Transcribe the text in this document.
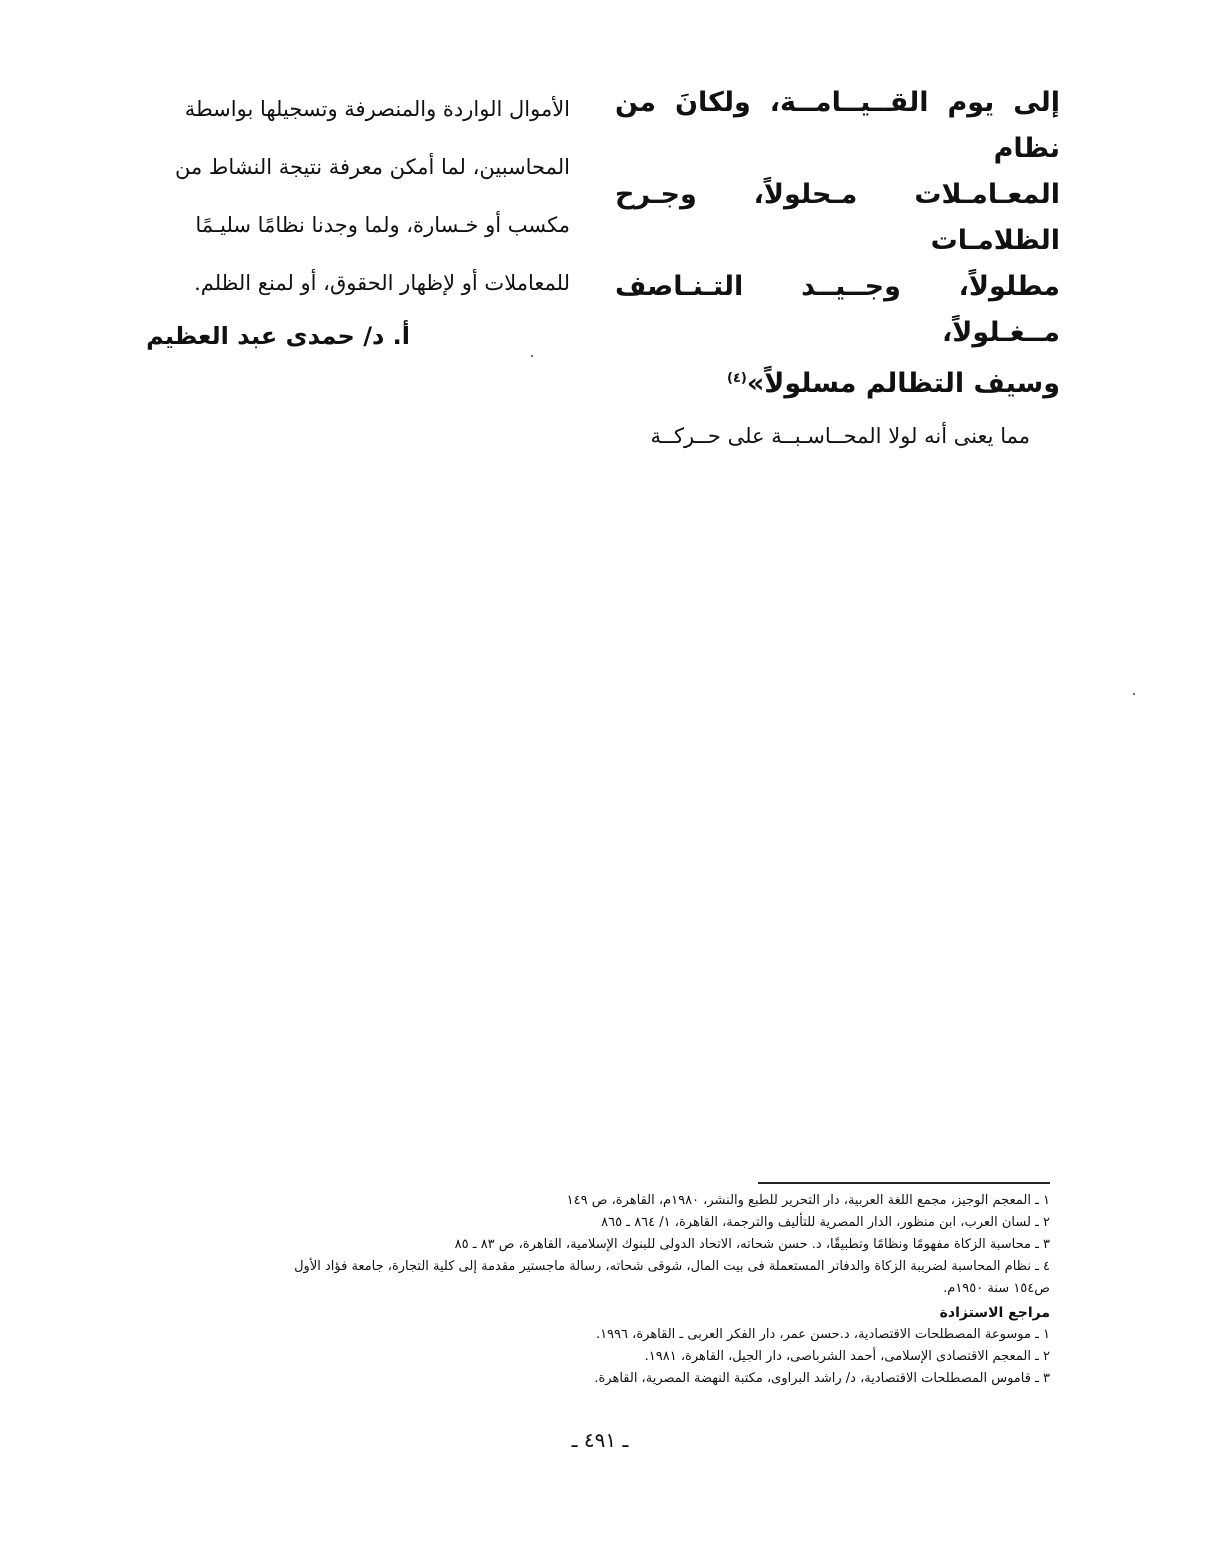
إلى يوم القــيــامــة، ولكانَ من نظام

المعـامـلات مـحلولاً، وجـرح الظلامـات

مطلولاً، وجــيــد التـنـاصف مــغـلولاً،

وسيف التظالم مسلولاً»$^{(٤)}$

مما يعنى أنه لولا المحــاسـبــة على حــركــة

الأموال الواردة والمنصرفة وتسجيلها بواسطة

المحاسبين، لما أمكن معرفة نتيجة النشاط من

مكسب أو خـسارة، ولما وجدنا نظامًا سليـمًا

للمعاملات أو لإظهار الحقوق، أو لمنع الظلم.

أ. د/ حمدى عبد العظيم

١ ـ المعجم الوجيز، مجمع اللغة العربية، دار التحرير للطبع والنشر، ١٩٨٠م، القاهرة، ص ١٤٩

٢ ـ لسان العرب، ابن منظور، الدار المصرية للتأليف والترجمة، القاهرة، ١/ ٨٦٤ ـ ٨٦٥

٣ ـ محاسبة الزكاة مفهومًا ونظامًا وتطبيقًا، د. حسن شحاته، الاتحاد الدولى للبنوك الإسلامية، القاهرة، ص ٨٣ ـ ٨٥

٤ ـ نظام المحاسبة لضريبة الزكاة والدفاتر المستعملة فى بيت المال، شوقى شحاته، رسالة ماجستير مقدمة إلى كلية التجارة، جامعة فؤاد الأول

ص١٥٤ سنة ١٩٥٠م.

مراجع الاستزادة

١ ـ موسوعة المصطلحات الاقتصادية، د.حسن عمر، دار الفكر العربى ـ القاهرة، ١٩٩٦.

٢ ـ المعجم الاقتصادى الإسلامى، أحمد الشرباصى، دار الجيل، القاهرة، ١٩٨١.

٣ ـ قاموس المصطلحات الاقتصادية، د/ راشد البراوى، مكتبة النهضة المصرية، القاهرة.

ـ ٤٩١ ـ
